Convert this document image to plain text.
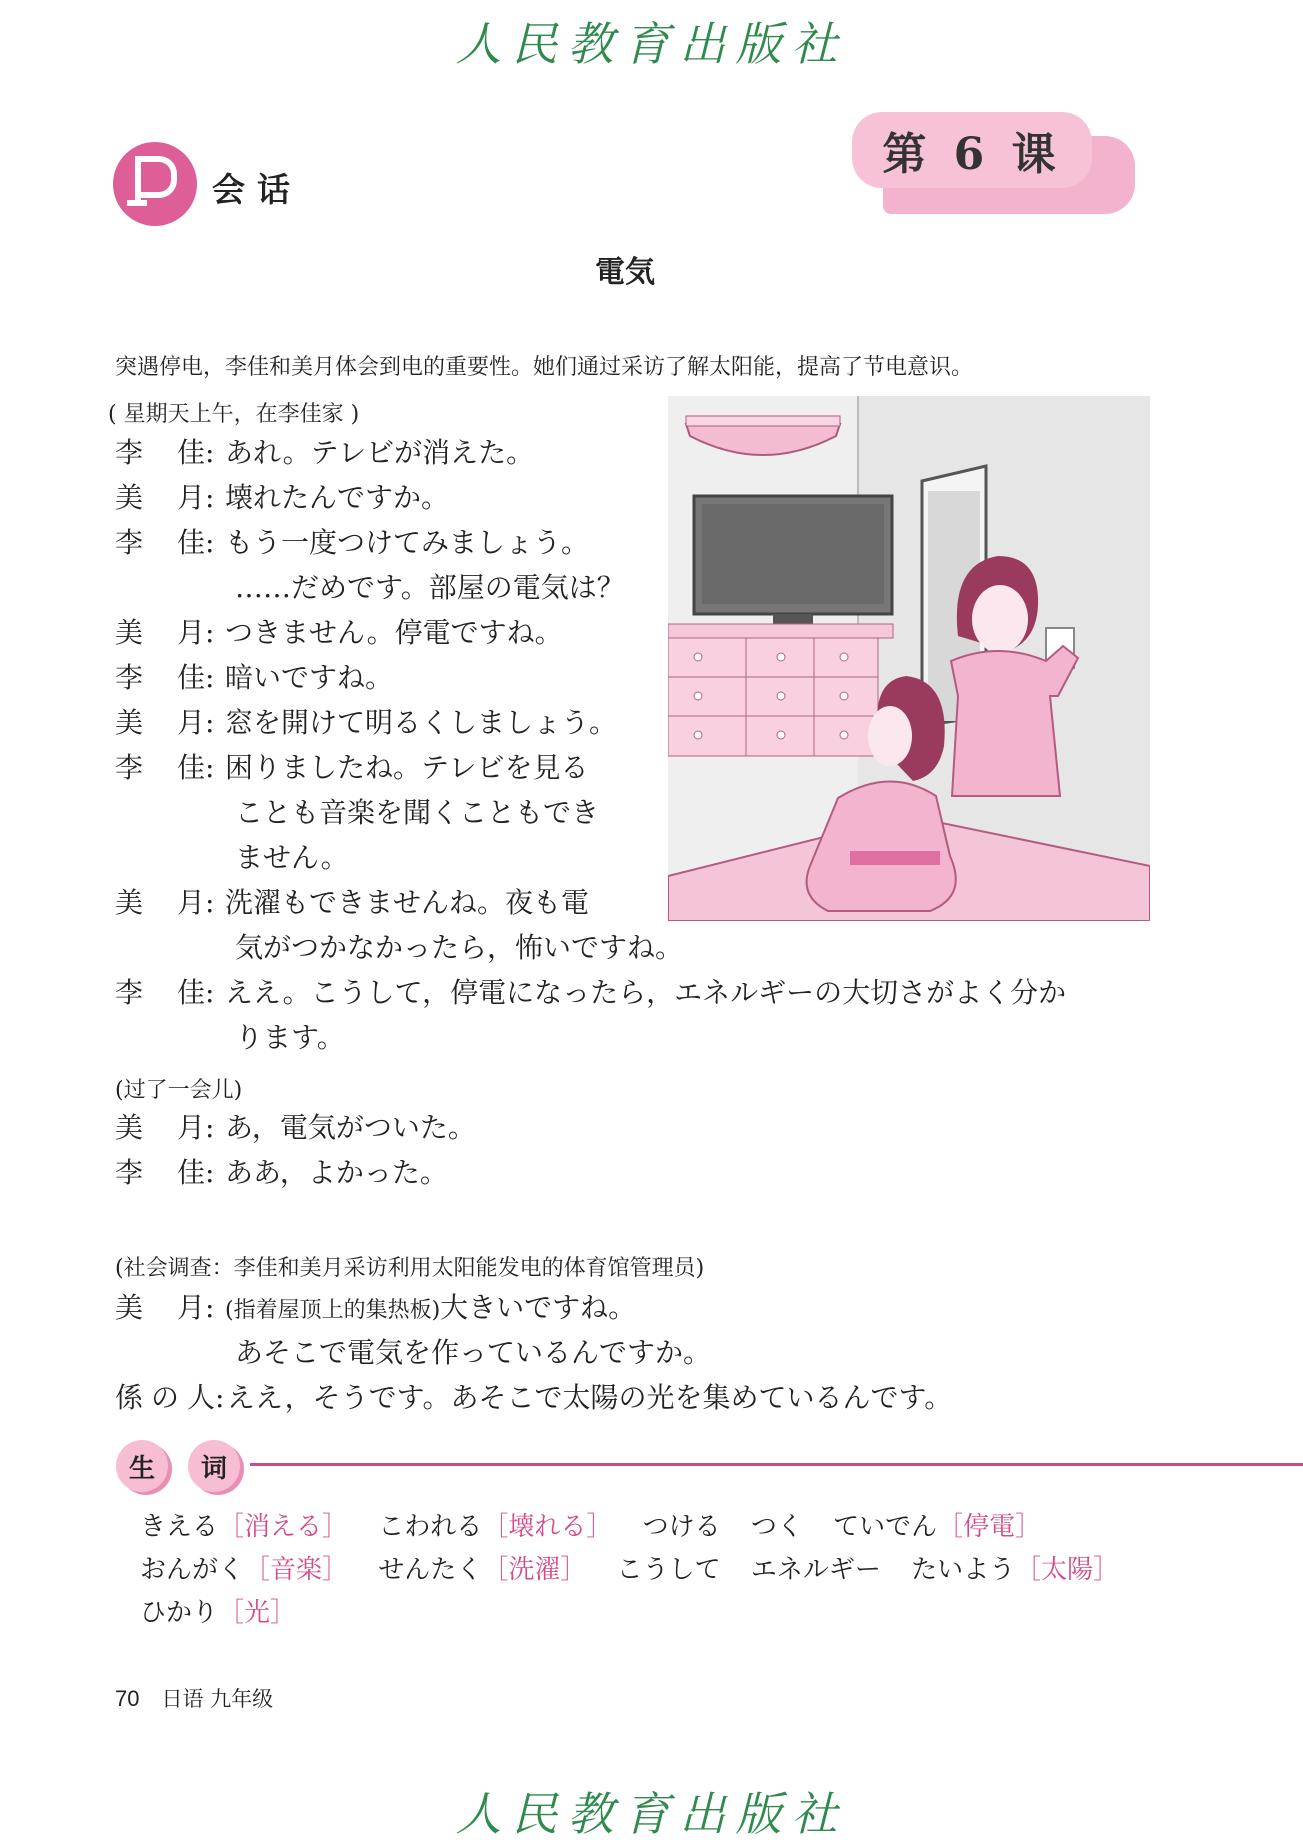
人民教育出版社
人民教育出版社
会话
第 6 课
電気
突遇停电，李佳和美月体会到电的重要性。她们通过采访了解太阳能，提高了节电意识。
( 星期天上午，在李佳家 )
李佳: あれ。テレビが消えた。
美月: 壊れたんですか。
李佳: もう一度つけてみましょう。
……だめです。部屋の電気は？
美月: つきません。停電ですね。
李佳: 暗いですね。
美月: 窓を開けて明るくしましょう。
李佳: 困りましたね。テレビを見る
ことも音楽を聞くこともでき
ません。
美月: 洗濯もできませんね。夜も電
気がつかなかったら，怖いですね。
李佳: ええ。こうして，停電になったら，エネルギーの大切さがよく分か
ります。
(过了一会儿)
美月: あ，電気がついた。
李佳: ああ，よかった。
(社会调查：李佳和美月采访利用太阳能发电的体育馆管理员)
美月: (指着屋顶上的集热板)大きいですね。
あそこで電気を作っているんですか。
係の人:ええ，そうです。あそこで太陽の光を集めているんです。
生	词
きえる［消える］ こわれる［壊れる］ つける つく ていでん［停電］
おんがく［音楽］ せんたく［洗濯］ こうして エネルギー たいよう［太陽］
ひかり［光］
70 日语 九年级
